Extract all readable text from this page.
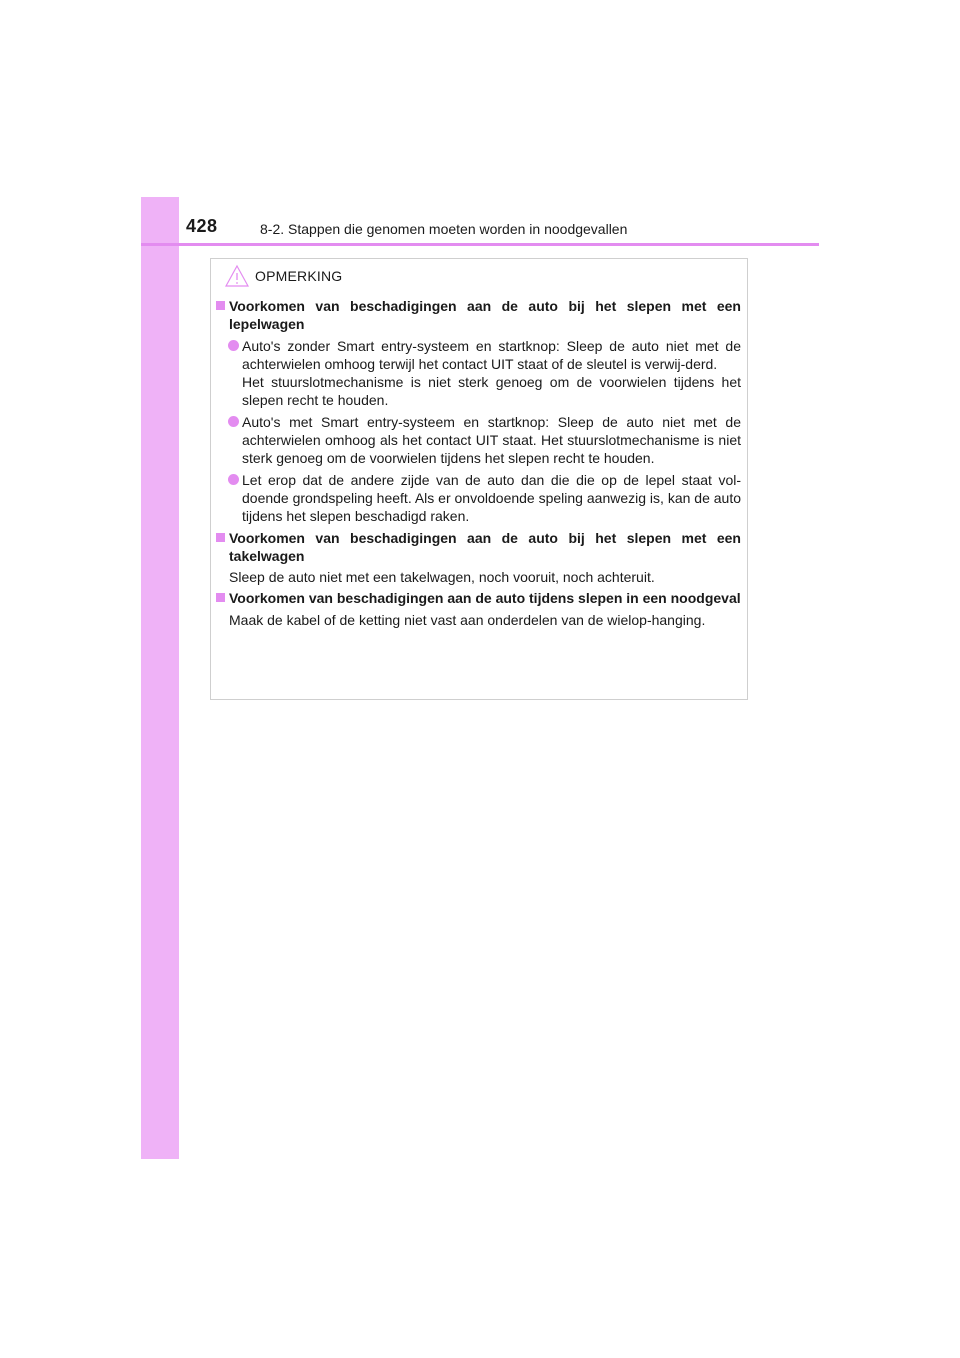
428	8-2. Stappen die genomen moeten worden in noodgevallen
OPMERKING
Voorkomen van beschadigingen aan de auto bij het slepen met een lepelwagen
Auto's zonder Smart entry-systeem en startknop: Sleep de auto niet met de achterwielen omhoog terwijl het contact UIT staat of de sleutel is verwij-derd.
Het stuurslotmechanisme is niet sterk genoeg om de voorwielen tijdens het slepen recht te houden.
Auto's met Smart entry-systeem en startknop: Sleep de auto niet met de achterwielen omhoog als het contact UIT staat. Het stuurslotmechanisme is niet sterk genoeg om de voorwielen tijdens het slepen recht te houden.
Let erop dat de andere zijde van de auto dan die die op de lepel staat vol-doende grondspeling heeft. Als er onvoldoende speling aanwezig is, kan de auto tijdens het slepen beschadigd raken.
Voorkomen van beschadigingen aan de auto bij het slepen met een takelwagen
Sleep de auto niet met een takelwagen, noch vooruit, noch achteruit.
Voorkomen van beschadigingen aan de auto tijdens slepen in een noodgeval
Maak de kabel of de ketting niet vast aan onderdelen van de wielop-hanging.
